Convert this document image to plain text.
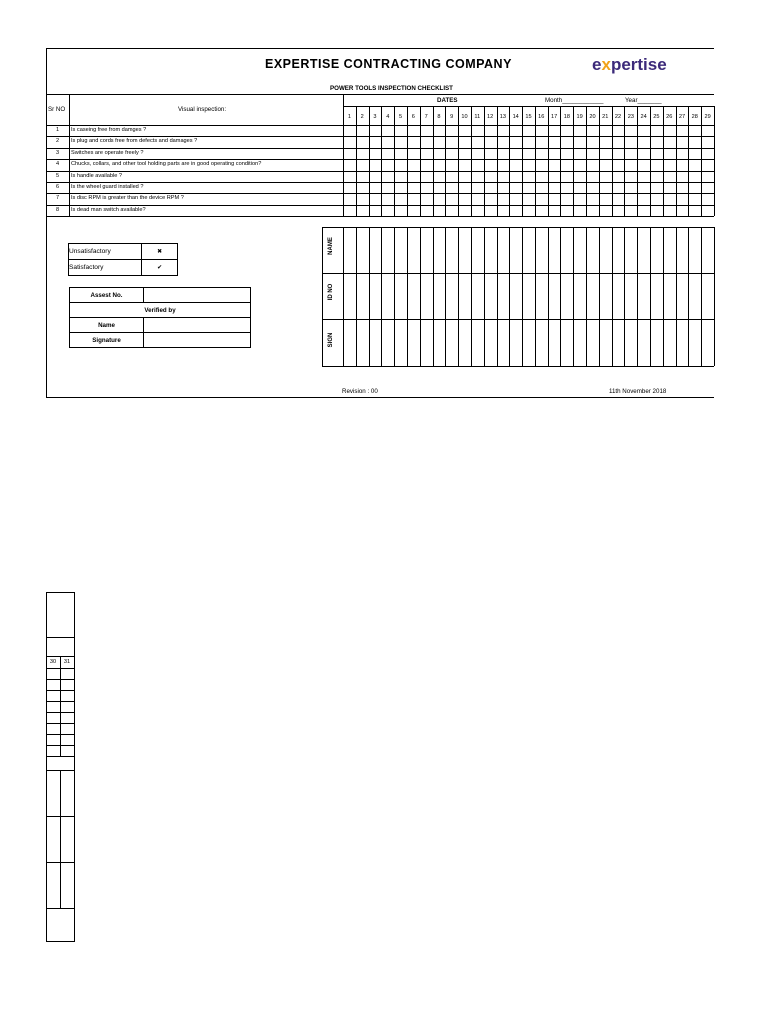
EXPERTISE CONTRACTING COMPANY	expertise
POWER TOOLS INSPECTION CHECKLIST
Sr NO	Visual inspection:
DATES	Month____________	Year_______
1	2	3	4	5	6	7	8	9	10	11	12	13	14	15	16	17	18	19	20	21	22	23	24	25	26	27	28	29
1	Is caseing free from damges ?
2	Is plug and cords free from defects and damages ?
3	Switches are operate freely ?
4	Chucks, collars, and other tool holding parts are in good operating condition?
5	Is handle available ?
6	Is the wheel guard installed ?
7	Is disc RPM is greater than the device RPM ?
8	Is dead man switch available?
Unsatisfactory	✖
Satisfactory	✔
Assest No.	
Verified by	
Name	
Signature	
NAME
ID NO
SIGN
Revision : 00	11th November 2018
30	31
